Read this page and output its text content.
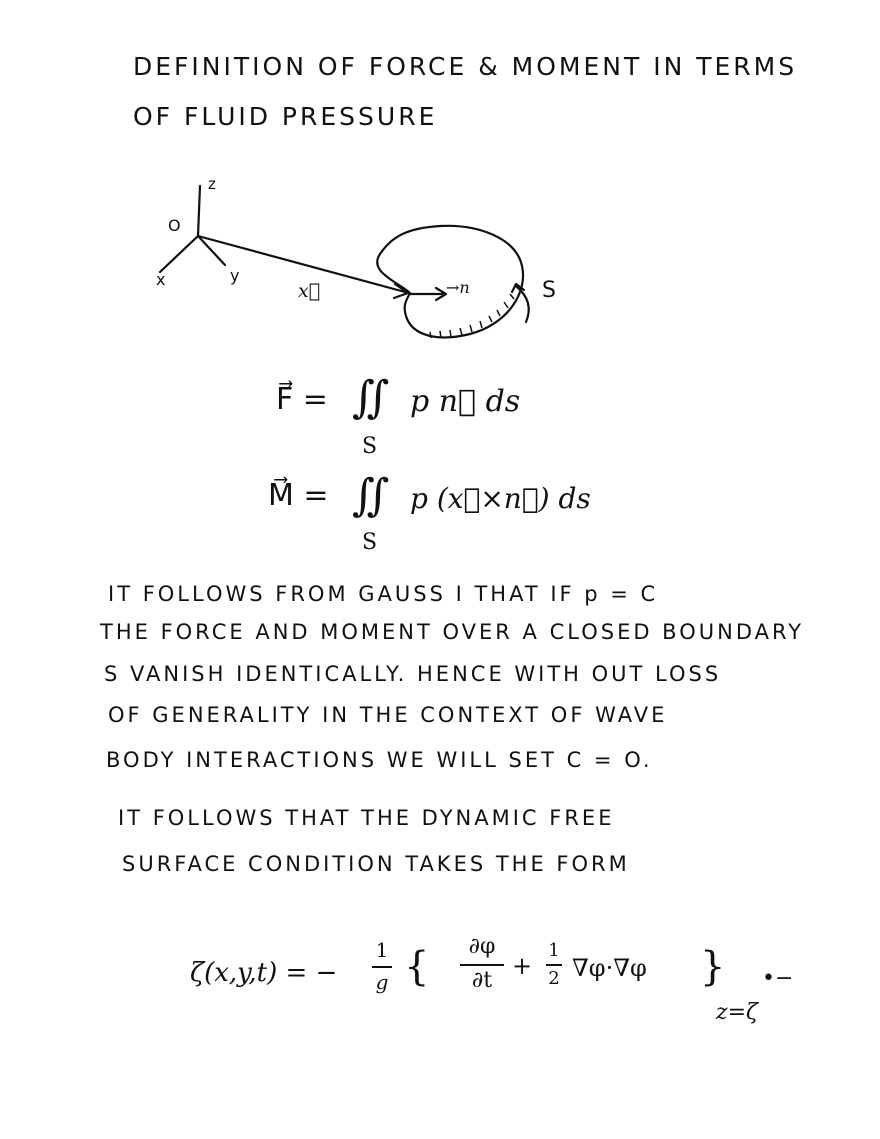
DEFINITION OF FORCE & MOMENT IN TERMS
OF FLUID PRESSURE
z
O
x	y
x⃗	→n	S
F⃗ = ∬ p n⃗ ds
S
M⃗ = ∬ p (x⃗×n⃗) ds
S
IT FOLLOWS FROM GAUSS I THAT IF p = C
THE FORCE AND MOMENT OVER A CLOSED BOUNDARY
S VANISH IDENTICALLY. HENCE WITH OUT LOSS
OF GENERALITY IN THE CONTEXT OF WAVE
BODY INTERACTIONS WE WILL SET C = O.
IT FOLLOWS THAT THE DYNAMIC FREE
SURFACE CONDITION TAKES THE FORM
ζ(x,y,t) = −
1
g {	∂φ
∂t
+
1
2 ∇φ·∇φ }
z=ζ
•−
